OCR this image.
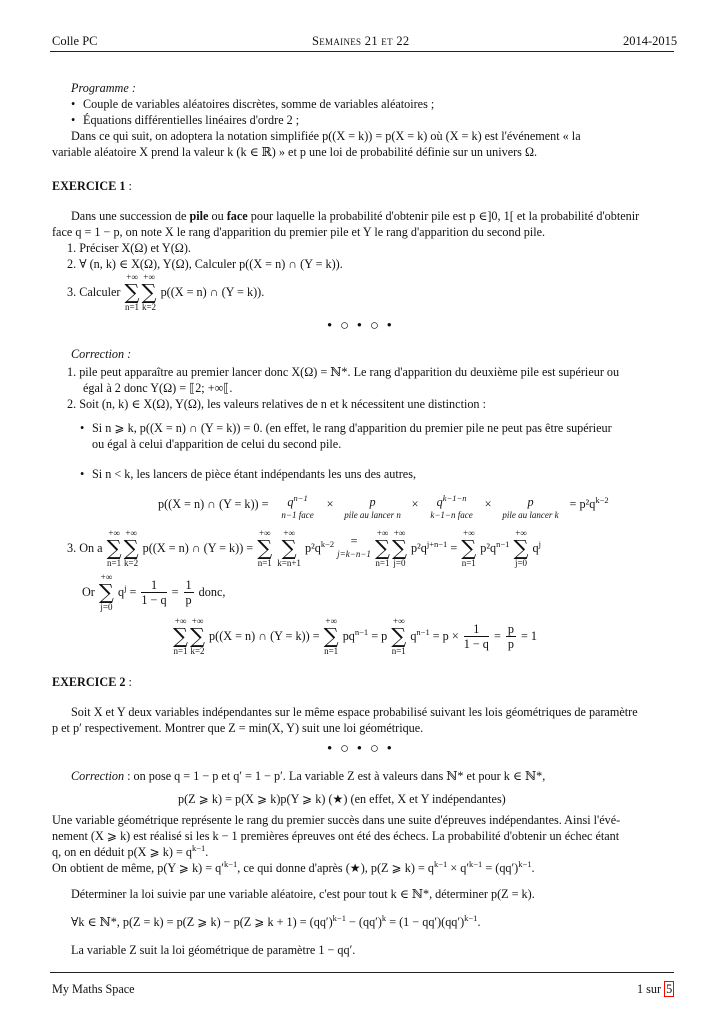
Colle PC	Semaines 21 et 22	2014-2015
Programme :
• Couple de variables aléatoires discrètes, somme de variables aléatoires ;
• Équations différentielles linéaires d'ordre 2 ;
Dans ce qui suit, on adoptera la notation simplifiée p((X = k)) = p(X = k) où (X = k) est l'événement « la
variable aléatoire X prend la valeur k (k ∈ ℝ) » et p une loi de probabilité définie sur un univers Ω.
EXERCICE 1 :
Dans une succession de pile ou face pour laquelle la probabilité d'obtenir pile est p ∈]0, 1[ et la probabilité d'obtenir
face q = 1 − p, on note X le rang d'apparition du premier pile et Y le rang d'apparition du second pile.
1. Préciser X(Ω) et Y(Ω).
2. ∀ (n, k) ∈ X(Ω), Y(Ω), Calculer p((X = n) ∩ (Y = k)).
3. Calculer
+∞
∑
n=1
+∞
∑
k=2
p((X = n) ∩ (Y = k)).
• ○ • ○ •
Correction :
1. pile peut apparaître au premier lancer donc X(Ω) = ℕ*. Le rang d'apparition du deuxième pile est supérieur ou
égal à 2 donc Y(Ω) = ⟦2; +∞⟦.
2. Soit (n, k) ∈ X(Ω), Y(Ω), les valeurs relatives de n et k nécessitent une distinction :
• Si n ⩾ k, p((X = n) ∩ (Y = k)) = 0. (en effet, le rang d'apparition du premier pile ne peut pas être supérieur
ou égal à celui d'apparition de celui du second pile.
• Si n < k, les lancers de pièce étant indépendants les uns des autres,
p((X = n) ∩ $(Y = k)) = q^{n-1}$
n−1 face
×	p
pile au lancer n
× $q^{k-1-n}$
k−1−n face
×	p
pile au lancer k
= $p^2q^{k-2}$
3. On a
+∞
∑
n=1
+∞
∑
k=2
p((X = n) ∩ (Y = k)) =
+∞
∑
n=1

+∞
∑
k=n+1
$p^2q^{k-2}$ =
j=k−n−1

+∞
∑
n=1
+∞
∑
j=0
$p^2q^{j+n-1}$ =
+∞
∑
n=1
$p^2q^{n-1}$
+∞
∑
j=0
$q^j$
Or
+∞
∑
j=0
$q^j = \frac{1}{1 - q} = \frac{1}{p}$ donc,
+∞
∑
n=1
+∞
∑
k=2
p((X = n) ∩ (Y = k)) =
+∞
∑
n=1
$pq^{n-1} = p$
+∞
∑
n=1
$q^{n-1} = p \times \frac{1}{1 - q} = \frac{p}{p} = 1$
EXERCICE 2 :
Soit X et Y deux variables indépendantes sur le même espace probabilisé suivant les lois géométriques de paramètre
p et p′ respectivement. Montrer que Z = min(X, Y) suit une loi géométrique.
• ○ • ○ •
Correction : on pose q = 1 − p et q′ = 1 − p′. La variable Z est à valeurs dans ℕ* et pour k ∈ ℕ*,
p(Z ⩾ k) = p(X ⩾ k)p(Y ⩾ k) (★) (en effet, X et Y indépendantes)
Une variable géométrique représente le rang du premier succès dans une suite d'épreuves indépendantes. Ainsi l'évé-
nement (X ⩾ k) est réalisé si les k − 1 premières épreuves ont été des échecs. La probabilité d'obtenir un échec étant
q, on en déduit p(X ⩾ $k) = q^{k-1}$.
On obtient de même, p(Y ⩾ $k) = q'^{k-1}$, ce qui donne d'après (★), p(Z ⩾ $k) = q^{k-1} \times q'^{k-1} = (qq')^{k-1}$.
Déterminer la loi suivie par une variable aléatoire, c'est pour tout k ∈ ℕ*, déterminer p(Z = k).
∀k ∈ ℕ*, p(Z = k) = p(Z ⩾ k) − p(Z ⩾ $k + 1) = (qq')^{k-1} - (qq')^k = (1 - qq')(qq')^{k-1}$.
La variable Z suit la loi géométrique de paramètre 1 − qq′.
My Maths Space	1 sur 5
